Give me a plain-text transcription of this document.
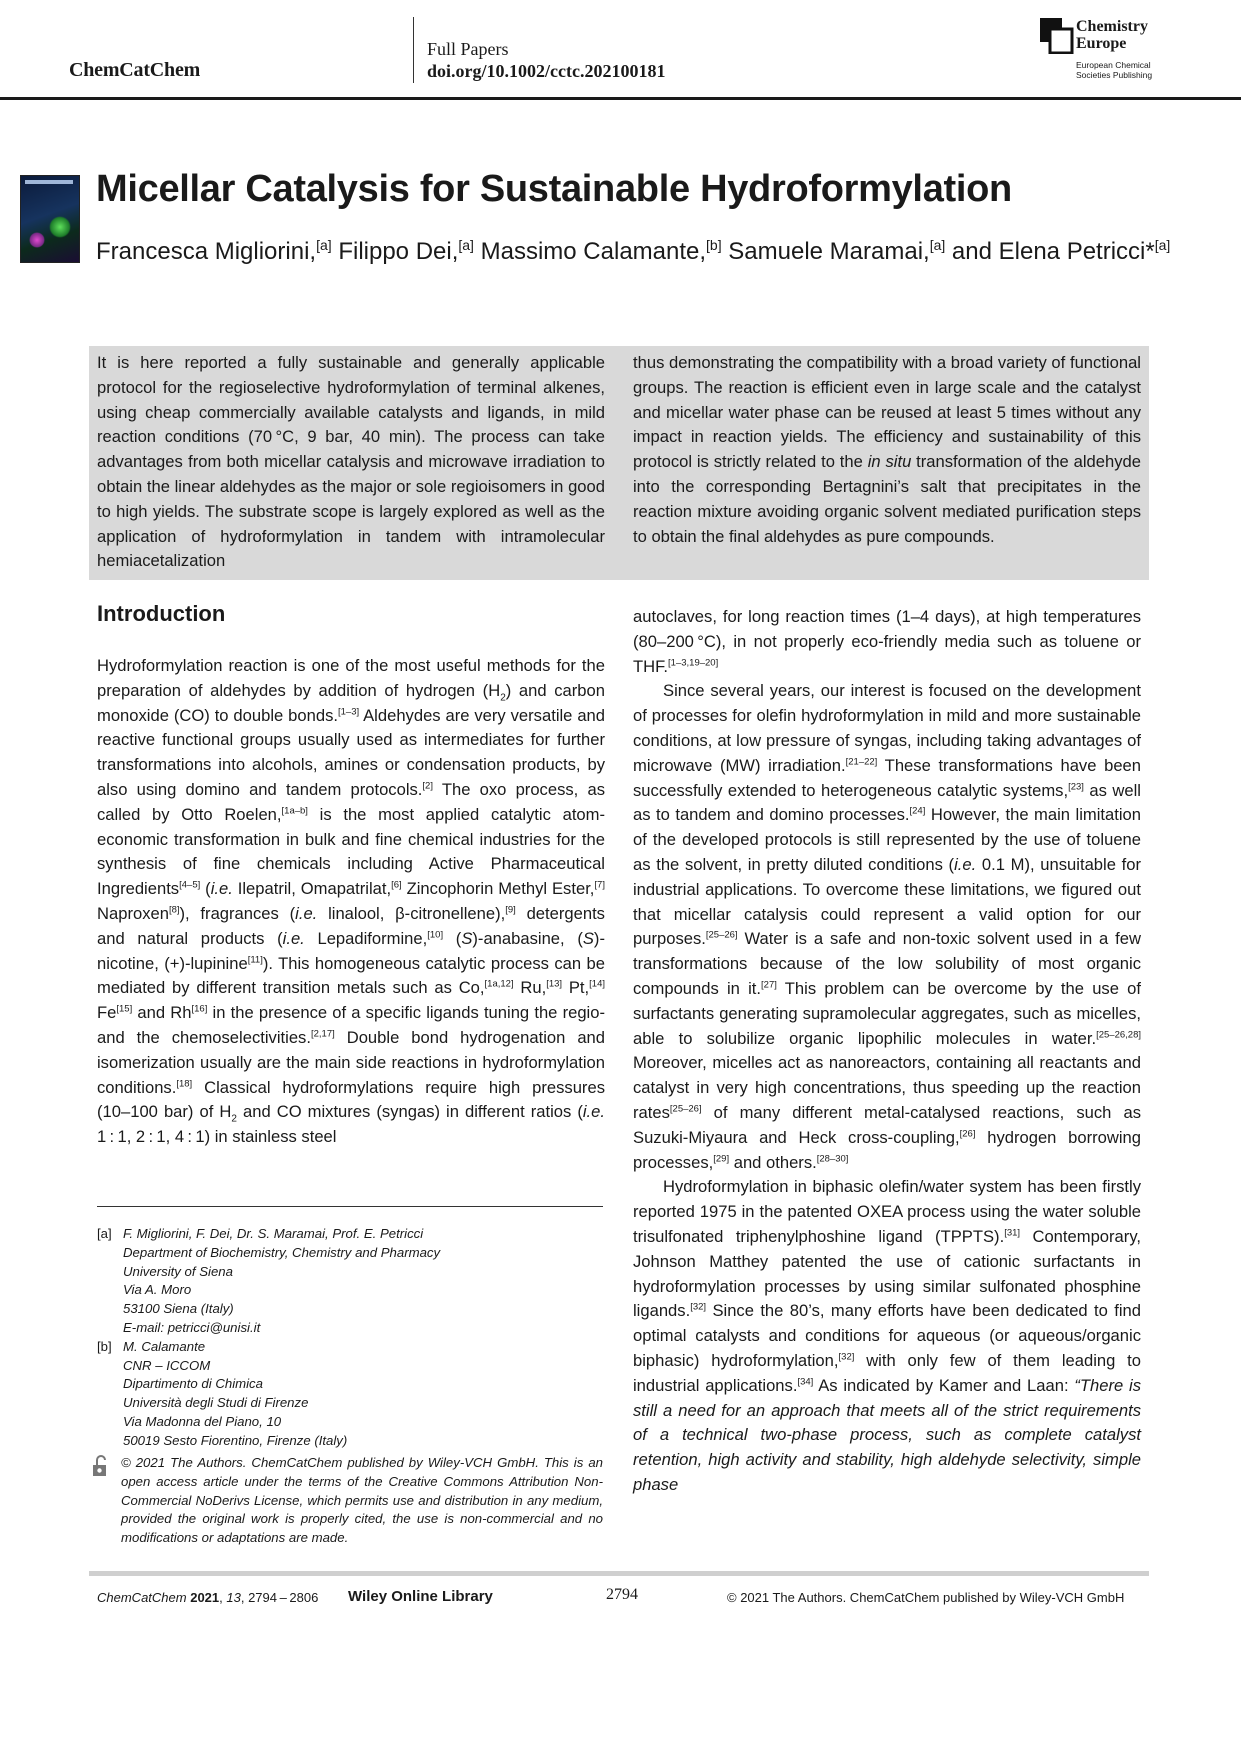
ChemCatChem
Full Papers
doi.org/10.1002/cctc.202100181
Chemistry
Europe
European Chemical
Societies Publishing
Micellar Catalysis for Sustainable Hydroformylation
Francesca Migliorini,[a] Filippo Dei,[a] Massimo Calamante,[b] Samuele Maramai,[a] and Elena Petricci*[a]
It is here reported a fully sustainable and generally applicable protocol for the regioselective hydroformylation of terminal alkenes, using cheap commercially available catalysts and ligands, in mild reaction conditions (70 °C, 9 bar, 40 min). The process can take advantages from both micellar catalysis and microwave irradiation to obtain the linear aldehydes as the major or sole regioisomers in good to high yields. The substrate scope is largely explored as well as the application of hydroformylation in tandem with intramolecular hemiacetalization
thus demonstrating the compatibility with a broad variety of functional groups. The reaction is efficient even in large scale and the catalyst and micellar water phase can be reused at least 5 times without any impact in reaction yields. The efficiency and sustainability of this protocol is strictly related to the in situ transformation of the aldehyde into the corresponding Bertagnini’s salt that precipitates in the reaction mixture avoiding organic solvent mediated purification steps to obtain the final aldehydes as pure compounds.
Introduction

Hydroformylation reaction is one of the most useful methods for the preparation of aldehydes by addition of hydrogen $(H_2)$ and carbon monoxide (CO) to double bonds.[1–3] Aldehydes are very versatile and reactive functional groups usually used as intermediates for further transformations into alcohols, amines or condensation products, by also using domino and tandem protocols.[2] The oxo process, as called by Otto Roelen,[1a–b] is the most applied catalytic atom-economic transformation in bulk and fine chemical industries for the synthesis of fine chemicals including Active Pharmaceutical Ingredients[4–5] (i.e. Ilepatril, Omapatrilat,[6] Zincophorin Methyl Ester,[7] Naproxen[8]), fragrances (i.e. linalool, β-citronellene),[9] detergents and natural products (i.e. Lepadiformine,[10] (S)-anabasine, (S)-nicotine, (+)-lupinine[11]). This homogeneous catalytic process can be mediated by different transition metals such as Co,[1a,12] Ru,[13] Pt,[14] Fe[15] and Rh[16] in the presence of a specific ligands tuning the regio- and the chemoselectivities.[2,17] Double bond hydrogenation and isomerization usually are the main side reactions in hydroformylation conditions.[18] Classical hydroformylations require high pressures (10–100 bar) of $H_2$ and CO mixtures (syngas) in different ratios (i.e. 1 : 1, 2 : 1, 4 : 1) in stainless steel

autoclaves, for long reaction times (1–4 days), at high temperatures (80–200 °C), in not properly eco-friendly media such as toluene or THF.[1–3,19–20]

Since several years, our interest is focused on the development of processes for olefin hydroformylation in mild and more sustainable conditions, at low pressure of syngas, including taking advantages of microwave (MW) irradiation.[21–22] These transformations have been successfully extended to heterogeneous catalytic systems,[23] as well as to tandem and domino processes.[24] However, the main limitation of the developed protocols is still represented by the use of toluene as the solvent, in pretty diluted conditions (i.e. 0.1 M), unsuitable for industrial applications. To overcome these limitations, we figured out that micellar catalysis could represent a valid option for our purposes.[25–26] Water is a safe and non-toxic solvent used in a few transformations because of the low solubility of most organic compounds in it.[27] This problem can be overcome by the use of surfactants generating supramolecular aggregates, such as micelles, able to solubilize organic lipophilic molecules in water.[25–26,28] Moreover, micelles act as nanoreactors, containing all reactants and catalyst in very high concentrations, thus speeding up the reaction rates[25–26] of many different metal-catalysed reactions, such as Suzuki-Miyaura and Heck cross-coupling,[26] hydrogen borrowing processes,[29] and others.[28–30]

Hydroformylation in biphasic olefin/water system has been firstly reported 1975 in the patented OXEA process using the water soluble trisulfonated triphenylphoshine ligand (TPPTS).[31] Contemporary, Johnson Matthey patented the use of cationic surfactants in hydroformylation processes by using similar sulfonated phosphine ligands.[32] Since the 80’s, many efforts have been dedicated to find optimal catalysts and conditions for aqueous (or aqueous/organic biphasic) hydroformylation,[32] with only few of them leading to industrial applications.[34] As indicated by Kamer and Laan: “There is still a need for an approach that meets all of the strict requirements of a technical two-phase process, such as complete catalyst retention, high activity and stability, high aldehyde selectivity, simple phase

[a] F. Migliorini, F. Dei, Dr. S. Maramai, Prof. E. Petricci
Department of Biochemistry, Chemistry and Pharmacy
University of Siena
Via A. Moro
53100 Siena (Italy)
E-mail: petricci@unisi.it
[b] M. Calamante
CNR – ICCOM
Dipartimento di Chimica
Università degli Studi di Firenze
Via Madonna del Piano, 10
50019 Sesto Fiorentino, Firenze (Italy)
© 2021 The Authors. ChemCatChem published by Wiley-VCH GmbH. This is an open access article under the terms of the Creative Commons Attribution Non-Commercial NoDerivs License, which permits use and distribution in any medium, provided the original work is properly cited, the use is non-commercial and no modifications or adaptations are made.
ChemCatChem 2021, 13, 2794 – 2806 Wiley Online Library	2794	© 2021 The Authors. ChemCatChem published by Wiley-VCH GmbH
